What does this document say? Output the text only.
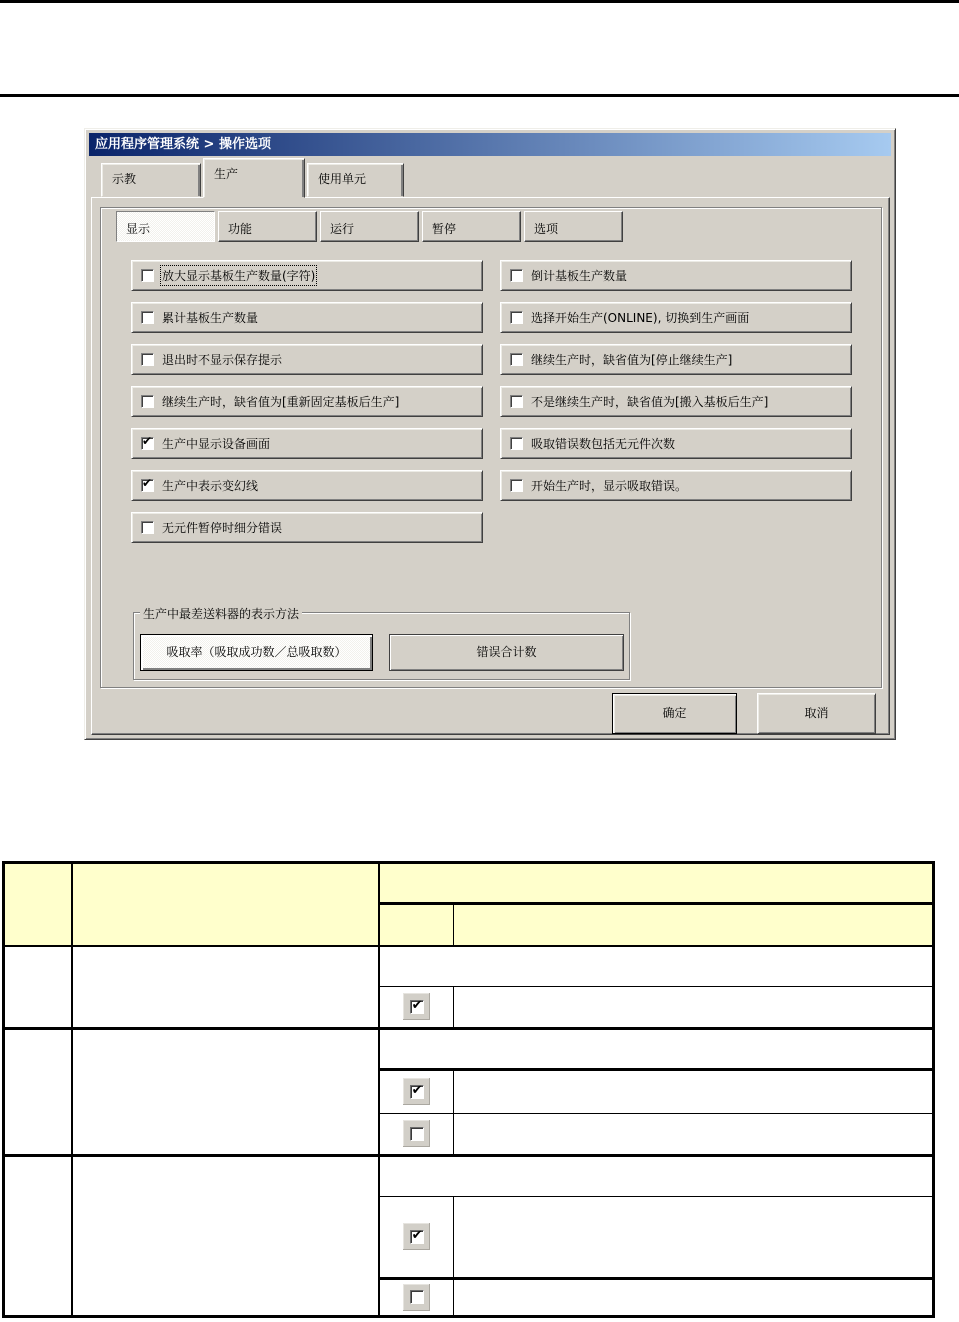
应用程序管理系统 > 操作选项
示教	生产	使用单元
显示	功能	运行	暂停	选项
放大显示基板生产数量(字符)
累计基板生产数量
退出时不显示保存提示
继续生产时，缺省值为[重新固定基板后生产]
✔ 生产中显示设备画面
✔ 生产中表示变幻线
无元件暂停时细分错误
倒计基板生产数量
选择开始生产(ONLINE), 切换到生产画面
继续生产时，缺省值为[停止继续生产]
不是继续生产时，缺省值为[搬入基板后生产]
吸取错误数包括无元件次数
开始生产时，显示吸取错误。
生产中最差送料器的表示方法
吸取率（吸取成功数／总吸取数）	错误合计数
确定	取消

		✔	

		✔	

		✔	
